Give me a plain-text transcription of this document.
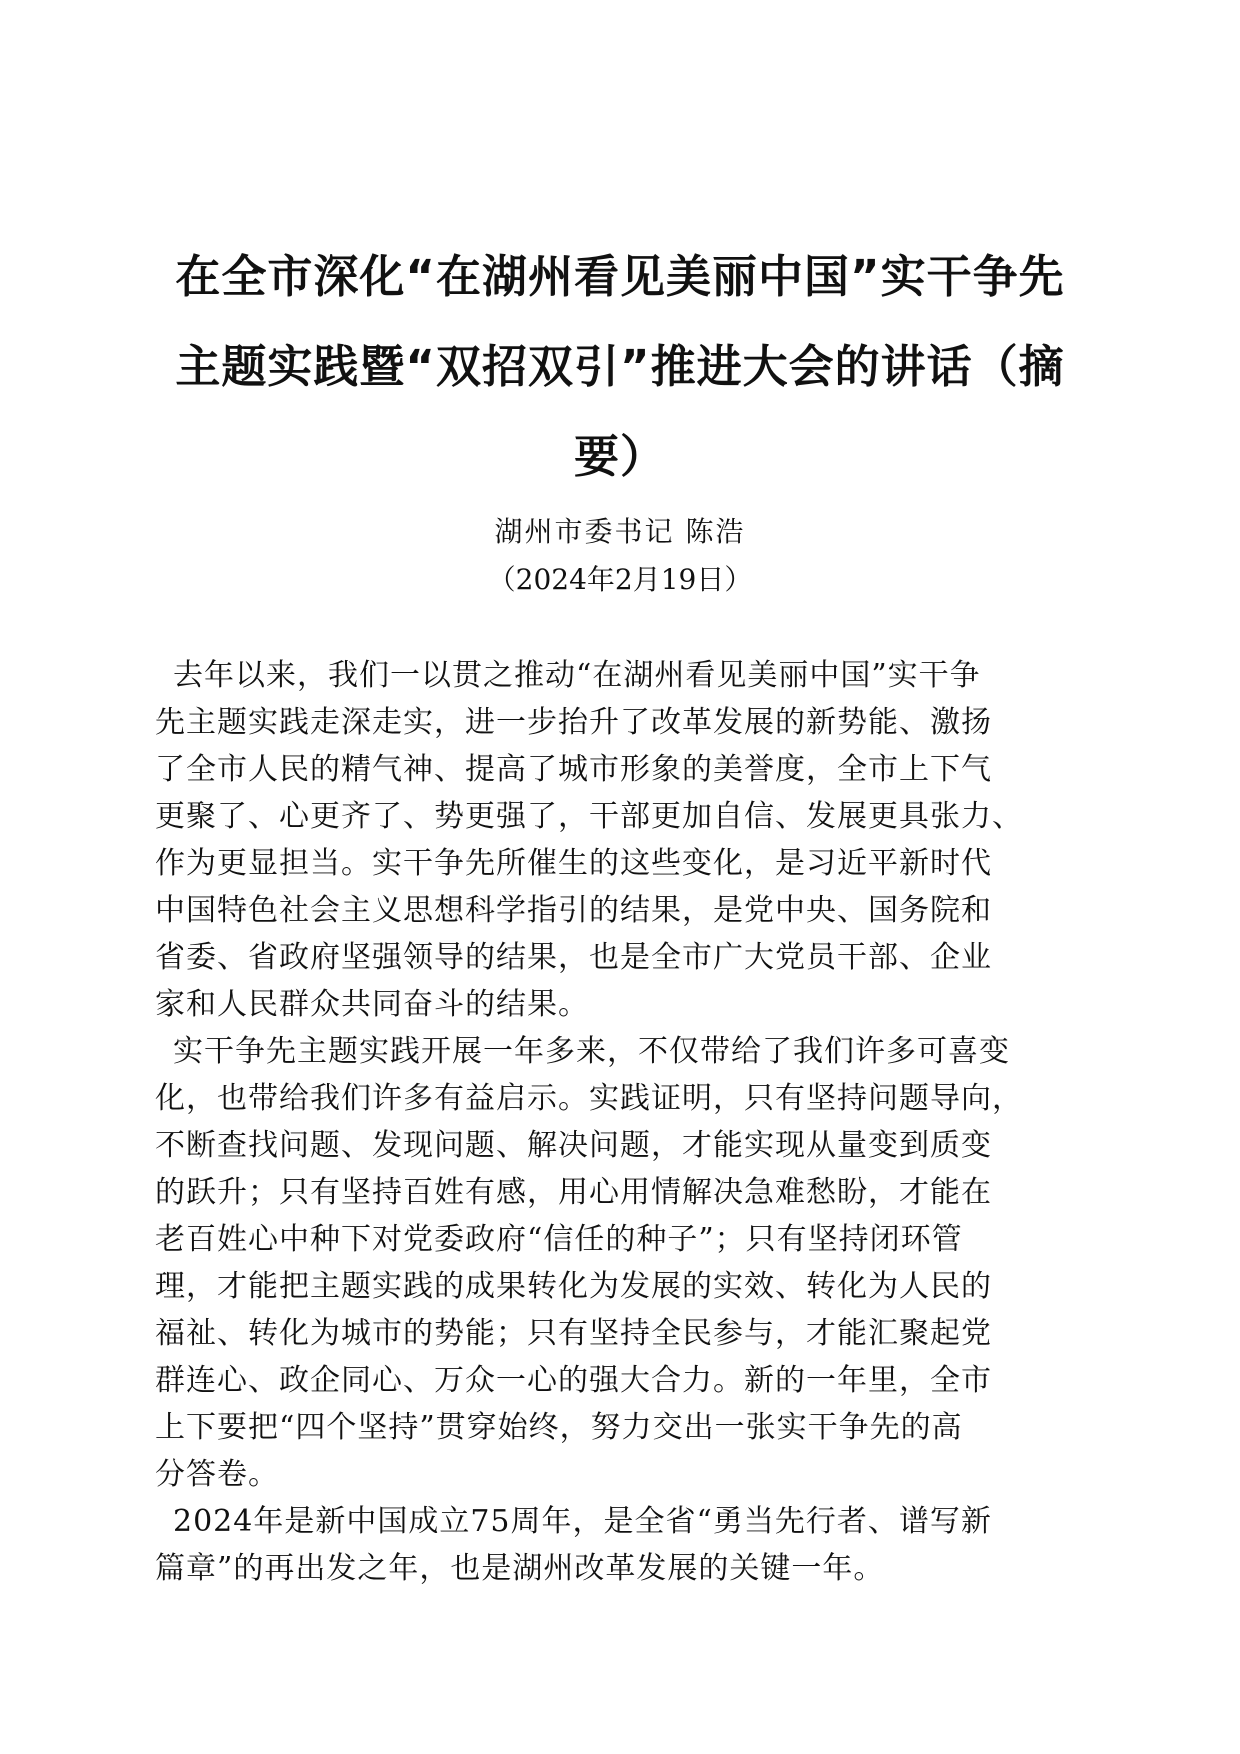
在全市深化“在湖州看见美丽中国”实干争先
主题实践暨“双招双引”推进大会的讲话（摘
要）
湖州市委书记 陈浩
（2024年2月19日）
去年以来，我们一以贯之推动“在湖州看见美丽中国”实干争
先主题实践走深走实，进一步抬升了改革发展的新势能、激扬
了全市人民的精气神、提高了城市形象的美誉度，全市上下气
更聚了、心更齐了、势更强了，干部更加自信、发展更具张力、
作为更显担当。实干争先所催生的这些变化，是习近平新时代
中国特色社会主义思想科学指引的结果，是党中央、国务院和
省委、省政府坚强领导的结果，也是全市广大党员干部、企业
家和人民群众共同奋斗的结果。
实干争先主题实践开展一年多来，不仅带给了我们许多可喜变
化，也带给我们许多有益启示。实践证明，只有坚持问题导向，
不断查找问题、发现问题、解决问题，才能实现从量变到质变
的跃升；只有坚持百姓有感，用心用情解决急难愁盼，才能在
老百姓心中种下对党委政府“信任的种子”；只有坚持闭环管
理，才能把主题实践的成果转化为发展的实效、转化为人民的
福祉、转化为城市的势能；只有坚持全民参与，才能汇聚起党
群连心、政企同心、万众一心的强大合力。新的一年里，全市
上下要把“四个坚持”贯穿始终，努力交出一张实干争先的高
分答卷。
2024年是新中国成立75周年，是全省“勇当先行者、谱写新
篇章”的再出发之年，也是湖州改革发展的关键一年。
